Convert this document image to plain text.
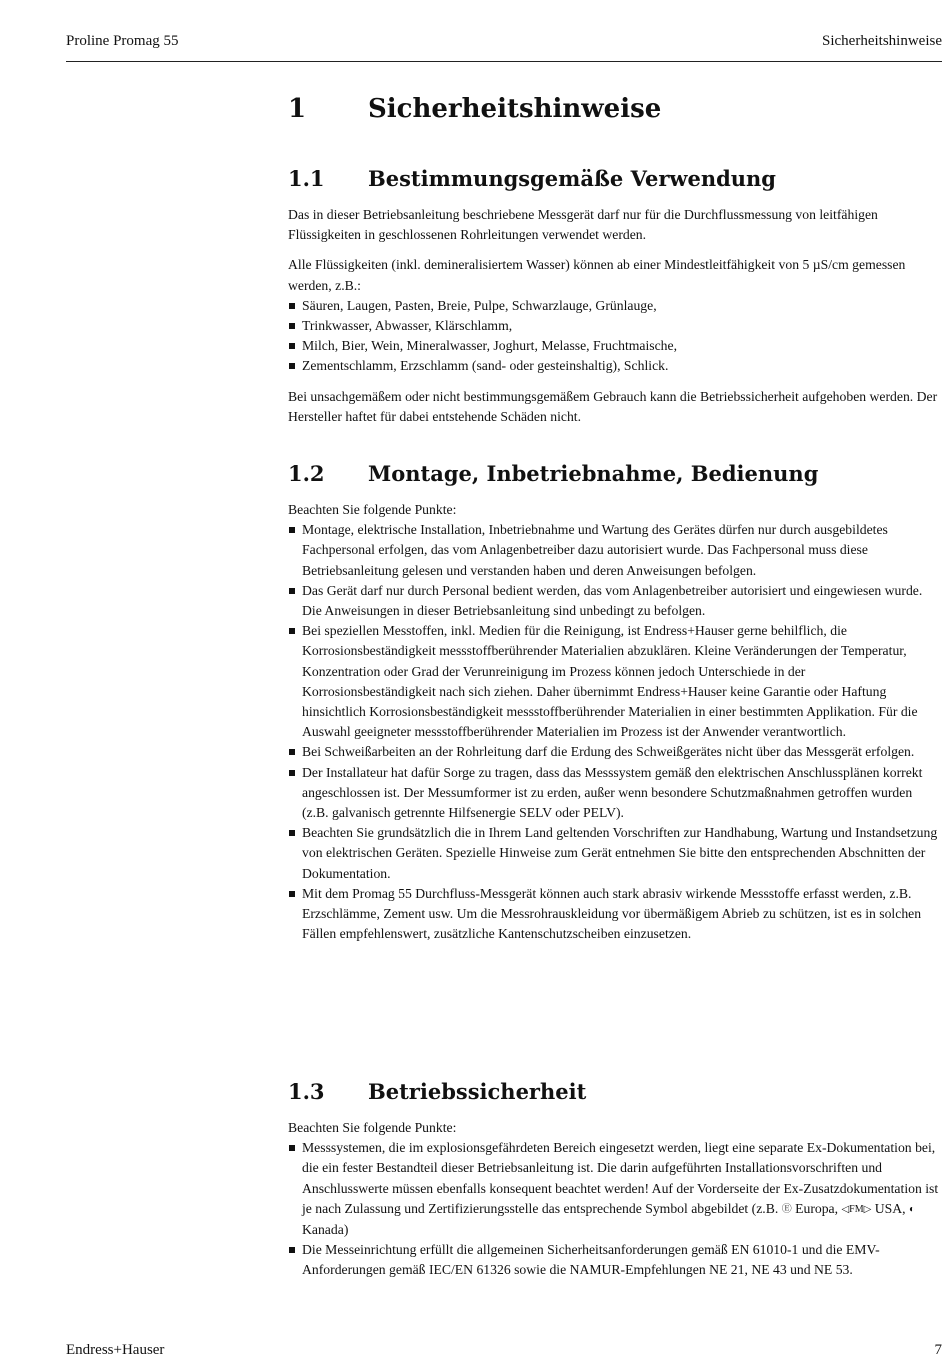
Proline Promag 55	Sicherheitshinweise
1 Sicherheitshinweise
1.1 Bestimmungsgemäße Verwendung

Das in dieser Betriebsanleitung beschriebene Messgerät darf nur für die Durchflussmessung von leitfähigen Flüssigkeiten in geschlossenen Rohrleitungen verwendet werden.

Alle Flüssigkeiten (inkl. demineralisiertem Wasser) können ab einer Mindestleitfähigkeit von 5 µS/cm gemessen werden, z.B.:

Säuren, Laugen, Pasten, Breie, Pulpe, Schwarzlauge, Grünlauge,
Trinkwasser, Abwasser, Klärschlamm,
Milch, Bier, Wein, Mineralwasser, Joghurt, Melasse, Fruchtmaische,
Zementschlamm, Erzschlamm (sand- oder gesteinshaltig), Schlick.

Bei unsachgemäßem oder nicht bestimmungsgemäßem Gebrauch kann die Betriebssicherheit aufgehoben werden. Der Hersteller haftet für dabei entstehende Schäden nicht.

1.2 Montage, Inbetriebnahme, Bedienung

Beachten Sie folgende Punkte:

Montage, elektrische Installation, Inbetriebnahme und Wartung des Gerätes dürfen nur durch ausgebildetes Fachpersonal erfolgen, das vom Anlagenbetreiber dazu autorisiert wurde. Das Fachpersonal muss diese Betriebsanleitung gelesen und verstanden haben und deren Anweisungen befolgen.
Das Gerät darf nur durch Personal bedient werden, das vom Anlagenbetreiber autorisiert und eingewiesen wurde. Die Anweisungen in dieser Betriebsanleitung sind unbedingt zu befolgen.
Bei speziellen Messtoffen, inkl. Medien für die Reinigung, ist Endress+Hauser gerne behilflich, die Korrosionsbeständigkeit messstoffberührender Materialien abzuklären. Kleine Veränderungen der Temperatur, Konzentration oder Grad der Verunreinigung im Prozess können jedoch Unterschiede in der Korrosionsbeständigkeit nach sich ziehen. Daher übernimmt Endress+Hauser keine Garantie oder Haftung hinsichtlich Korrosionsbeständigkeit messstoffberührender Materialien in einer bestimmten Applikation. Für die Auswahl geeigneter messstoffberührender Materialien im Prozess ist der Anwender verantwortlich.
Bei Schweißarbeiten an der Rohrleitung darf die Erdung des Schweißgerätes nicht über das Messgerät erfolgen.
Der Installateur hat dafür Sorge zu tragen, dass das Messsystem gemäß den elektrischen Anschlussplänen korrekt angeschlossen ist. Der Messumformer ist zu erden, außer wenn besondere Schutzmaßnahmen getroffen wurden (z.B. galvanisch getrennte Hilfsenergie SELV oder PELV).
Beachten Sie grundsätzlich die in Ihrem Land geltenden Vorschriften zur Handhabung, Wartung und Instandsetzung von elektrischen Geräten. Spezielle Hinweise zum Gerät entnehmen Sie bitte den entsprechenden Abschnitten der Dokumentation.
Mit dem Promag 55 Durchfluss-Messgerät können auch stark abrasiv wirkende Messstoffe erfasst werden, z.B. Erzschlämme, Zement usw. Um die Messrohrauskleidung vor übermäßigem Abrieb zu schützen, ist es in solchen Fällen empfehlenswert, zusätzliche Kantenschutzscheiben einzusetzen.
1.3 Betriebssicherheit

Beachten Sie folgende Punkte:

Messsystemen, die im explosionsgefährdeten Bereich eingesetzt werden, liegt eine separate Ex-Dokumentation bei, die ein fester Bestandteil dieser Betriebsanleitung ist. Die darin aufgeführten Installationsvorschriften und Anschlusswerte müssen ebenfalls konsequent beachtet werden! Auf der Vorderseite der Ex-Zusatzdokumentation ist je nach Zulassung und Zertifizierungsstelle das entsprechende Symbol abgebildet (z.B. Ⓔ Europa, ◁FM▷ USA, ◐ Kanada)
Die Messeinrichtung erfüllt die allgemeinen Sicherheitsanforderungen gemäß EN 61010-1 und die EMV-Anforderungen gemäß IEC/EN 61326 sowie die NAMUR-Empfehlungen NE 21, NE 43 und NE 53.
Endress+Hauser	7
